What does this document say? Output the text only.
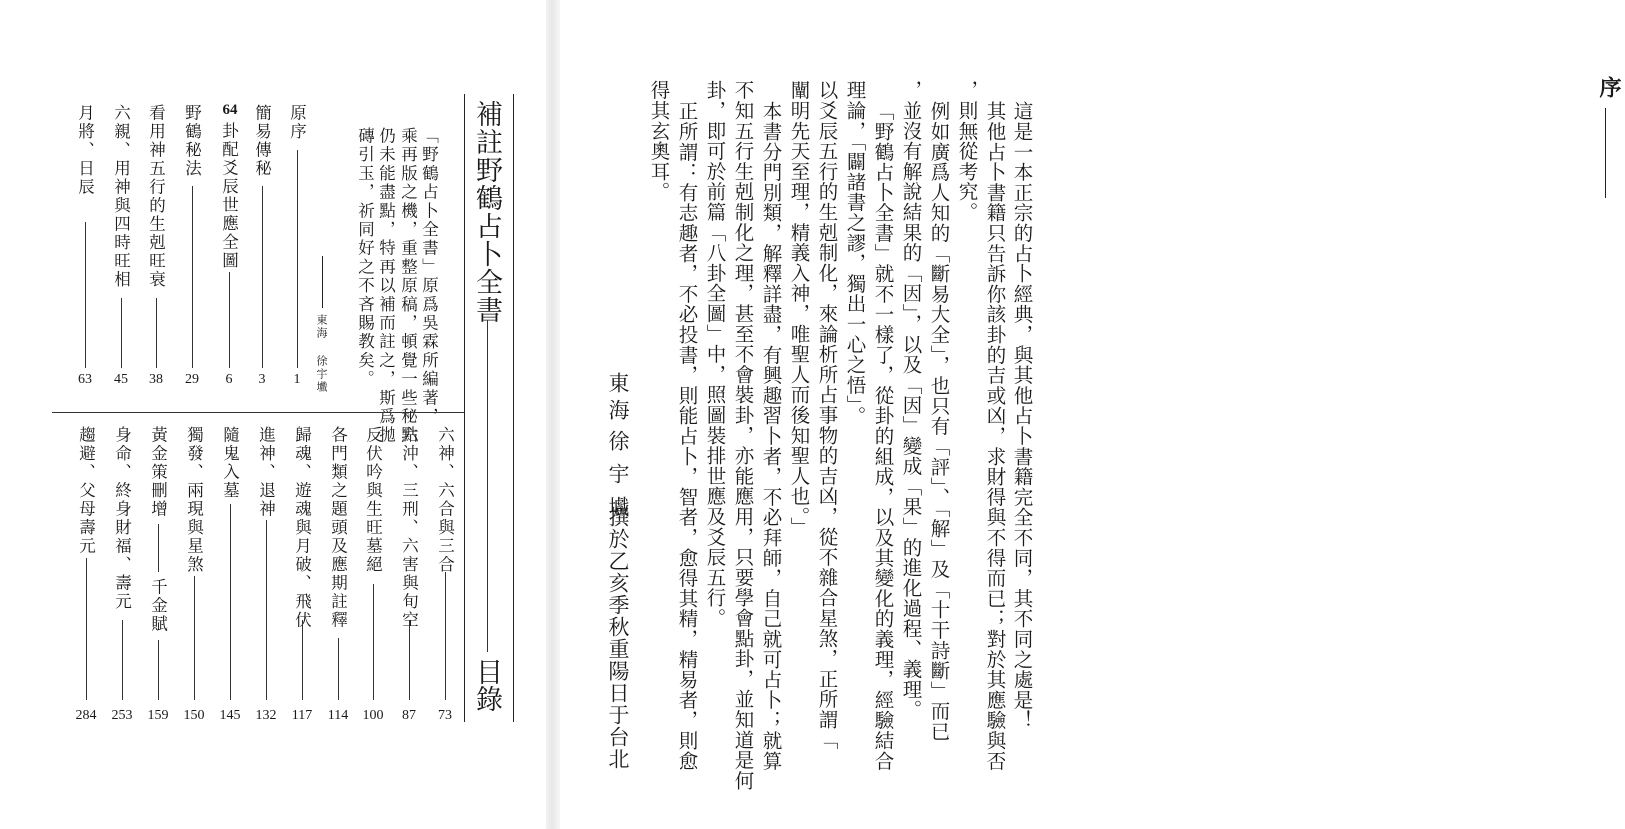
補註野鶴占卜全書
目錄
「野鶴占卜全書」原爲吳霖所編著，
乘再版之機，重整原稿，頓覺一些秘點
仍未能盡點，特再以補而註之，斯爲拋
磚引玉，祈同好之不吝賜教矣。
東海 徐宇㚀
原序
1
簡易傳秘
3
64
卦配爻辰世應全圖
6
野鶴秘法
29
看用神五行的生剋旺衰
38
六親、用神與四時旺相
45
月將、日辰
63
六神、六合與三合
73
六沖、三刑、六害與旬空
87
反伏吟與生旺墓絕
100
各門類之題頭及應期註釋
114
歸魂、遊魂與月破、飛伏
117
進神、退神
132
隨鬼入墓
145
獨發、兩現與星煞
150
黃金策刪增
千金賦
159
身命、終身財福、壽元
253
趨避、父母壽元
284
序
這是一本正宗的占卜經典，與其他占卜書籍完全不同，其不同之處是！
其他占卜書籍只告訴你該卦的吉或凶，求財得與不得而已；對於其應驗與否
，則無從考究。
例如廣爲人知的「斷易大全」，也只有「評」、「解」及「十干詩斷」而已
，並沒有解說結果的「因」，以及「因」變成「果」的進化過程、義理。
「野鶴占卜全書」就不一樣了，從卦的組成，以及其變化的義理，經驗結合
理論，「闢諸書之謬，獨出一心之悟」。
以爻辰五行的生剋制化，來論析所占事物的吉凶，從不雜合星煞，正所謂「
闡明先天至理，精義入神，唯聖人而後知聖人也。」
本書分門別類，解釋詳盡，有興趣習卜者，不必拜師，自己就可占卜；就算
不知五行生剋制化之理，甚至不會裝卦，亦能應用，只要學會點卦，並知道是何
卦，即可於前篇「八卦全圖」中，照圖裝排世應及爻辰五行。
正所謂：有志趣者，不必投書，則能占卜，智者，愈得其精，精易者，則愈
得其玄奧耳。
東海
徐宇㚀
撰於乙亥季秋重陽日于台北
